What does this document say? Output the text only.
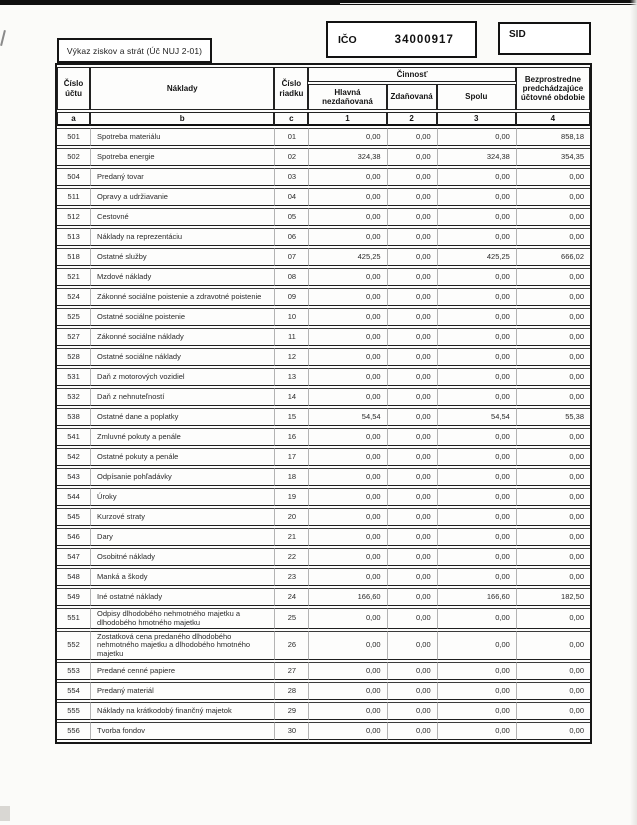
Výkaz ziskov a strát (Úč NUJ 2-01)
IČO	34000917	SID
Číslo účtu	Náklady	Číslo riadku	Činnosť			Bezprostredne predchádzajúce účtovné obdobie
			Hlavná nezdaňovaná	Zdaňovaná	Spolu	
a	b	c	1	2	3	4
501	Spotreba materiálu	01	0,00	0,00	0,00	858,18
502	Spotreba energie	02	324,38	0,00	324,38	354,35
504	Predaný tovar	03	0,00	0,00	0,00	0,00
511	Opravy a udržiavanie	04	0,00	0,00	0,00	0,00
512	Cestovné	05	0,00	0,00	0,00	0,00
513	Náklady na reprezentáciu	06	0,00	0,00	0,00	0,00
518	Ostatné služby	07	425,25	0,00	425,25	666,02
521	Mzdové náklady	08	0,00	0,00	0,00	0,00
524	Zákonné sociálne poistenie a zdravotné poistenie	09	0,00	0,00	0,00	0,00
525	Ostatné sociálne poistenie	10	0,00	0,00	0,00	0,00
527	Zákonné sociálne náklady	11	0,00	0,00	0,00	0,00
528	Ostatné sociálne náklady	12	0,00	0,00	0,00	0,00
531	Daň z motorových vozidiel	13	0,00	0,00	0,00	0,00
532	Daň z nehnuteľností	14	0,00	0,00	0,00	0,00
538	Ostatné dane a poplatky	15	54,54	0,00	54,54	55,38
541	Zmluvné pokuty a penále	16	0,00	0,00	0,00	0,00
542	Ostatné pokuty a penále	17	0,00	0,00	0,00	0,00
543	Odpísanie pohľadávky	18	0,00	0,00	0,00	0,00
544	Úroky	19	0,00	0,00	0,00	0,00
545	Kurzové straty	20	0,00	0,00	0,00	0,00
546	Dary	21	0,00	0,00	0,00	0,00
547	Osobitné náklady	22	0,00	0,00	0,00	0,00
548	Manká a škody	23	0,00	0,00	0,00	0,00
549	Iné ostatné náklady	24	166,60	0,00	166,60	182,50
551	Odpisy dlhodobého nehmotného majetku a dlhodobého hmotného majetku	25	0,00	0,00	0,00	0,00
552	Zostatková cena predaného dlhodobého nehmotného majetku a dlhodobého hmotného majetku	26	0,00	0,00	0,00	0,00
553	Predané cenné papiere	27	0,00	0,00	0,00	0,00
554	Predaný materiál	28	0,00	0,00	0,00	0,00
555	Náklady na krátkodobý finančný majetok	29	0,00	0,00	0,00	0,00
556	Tvorba fondov	30	0,00	0,00	0,00	0,00
